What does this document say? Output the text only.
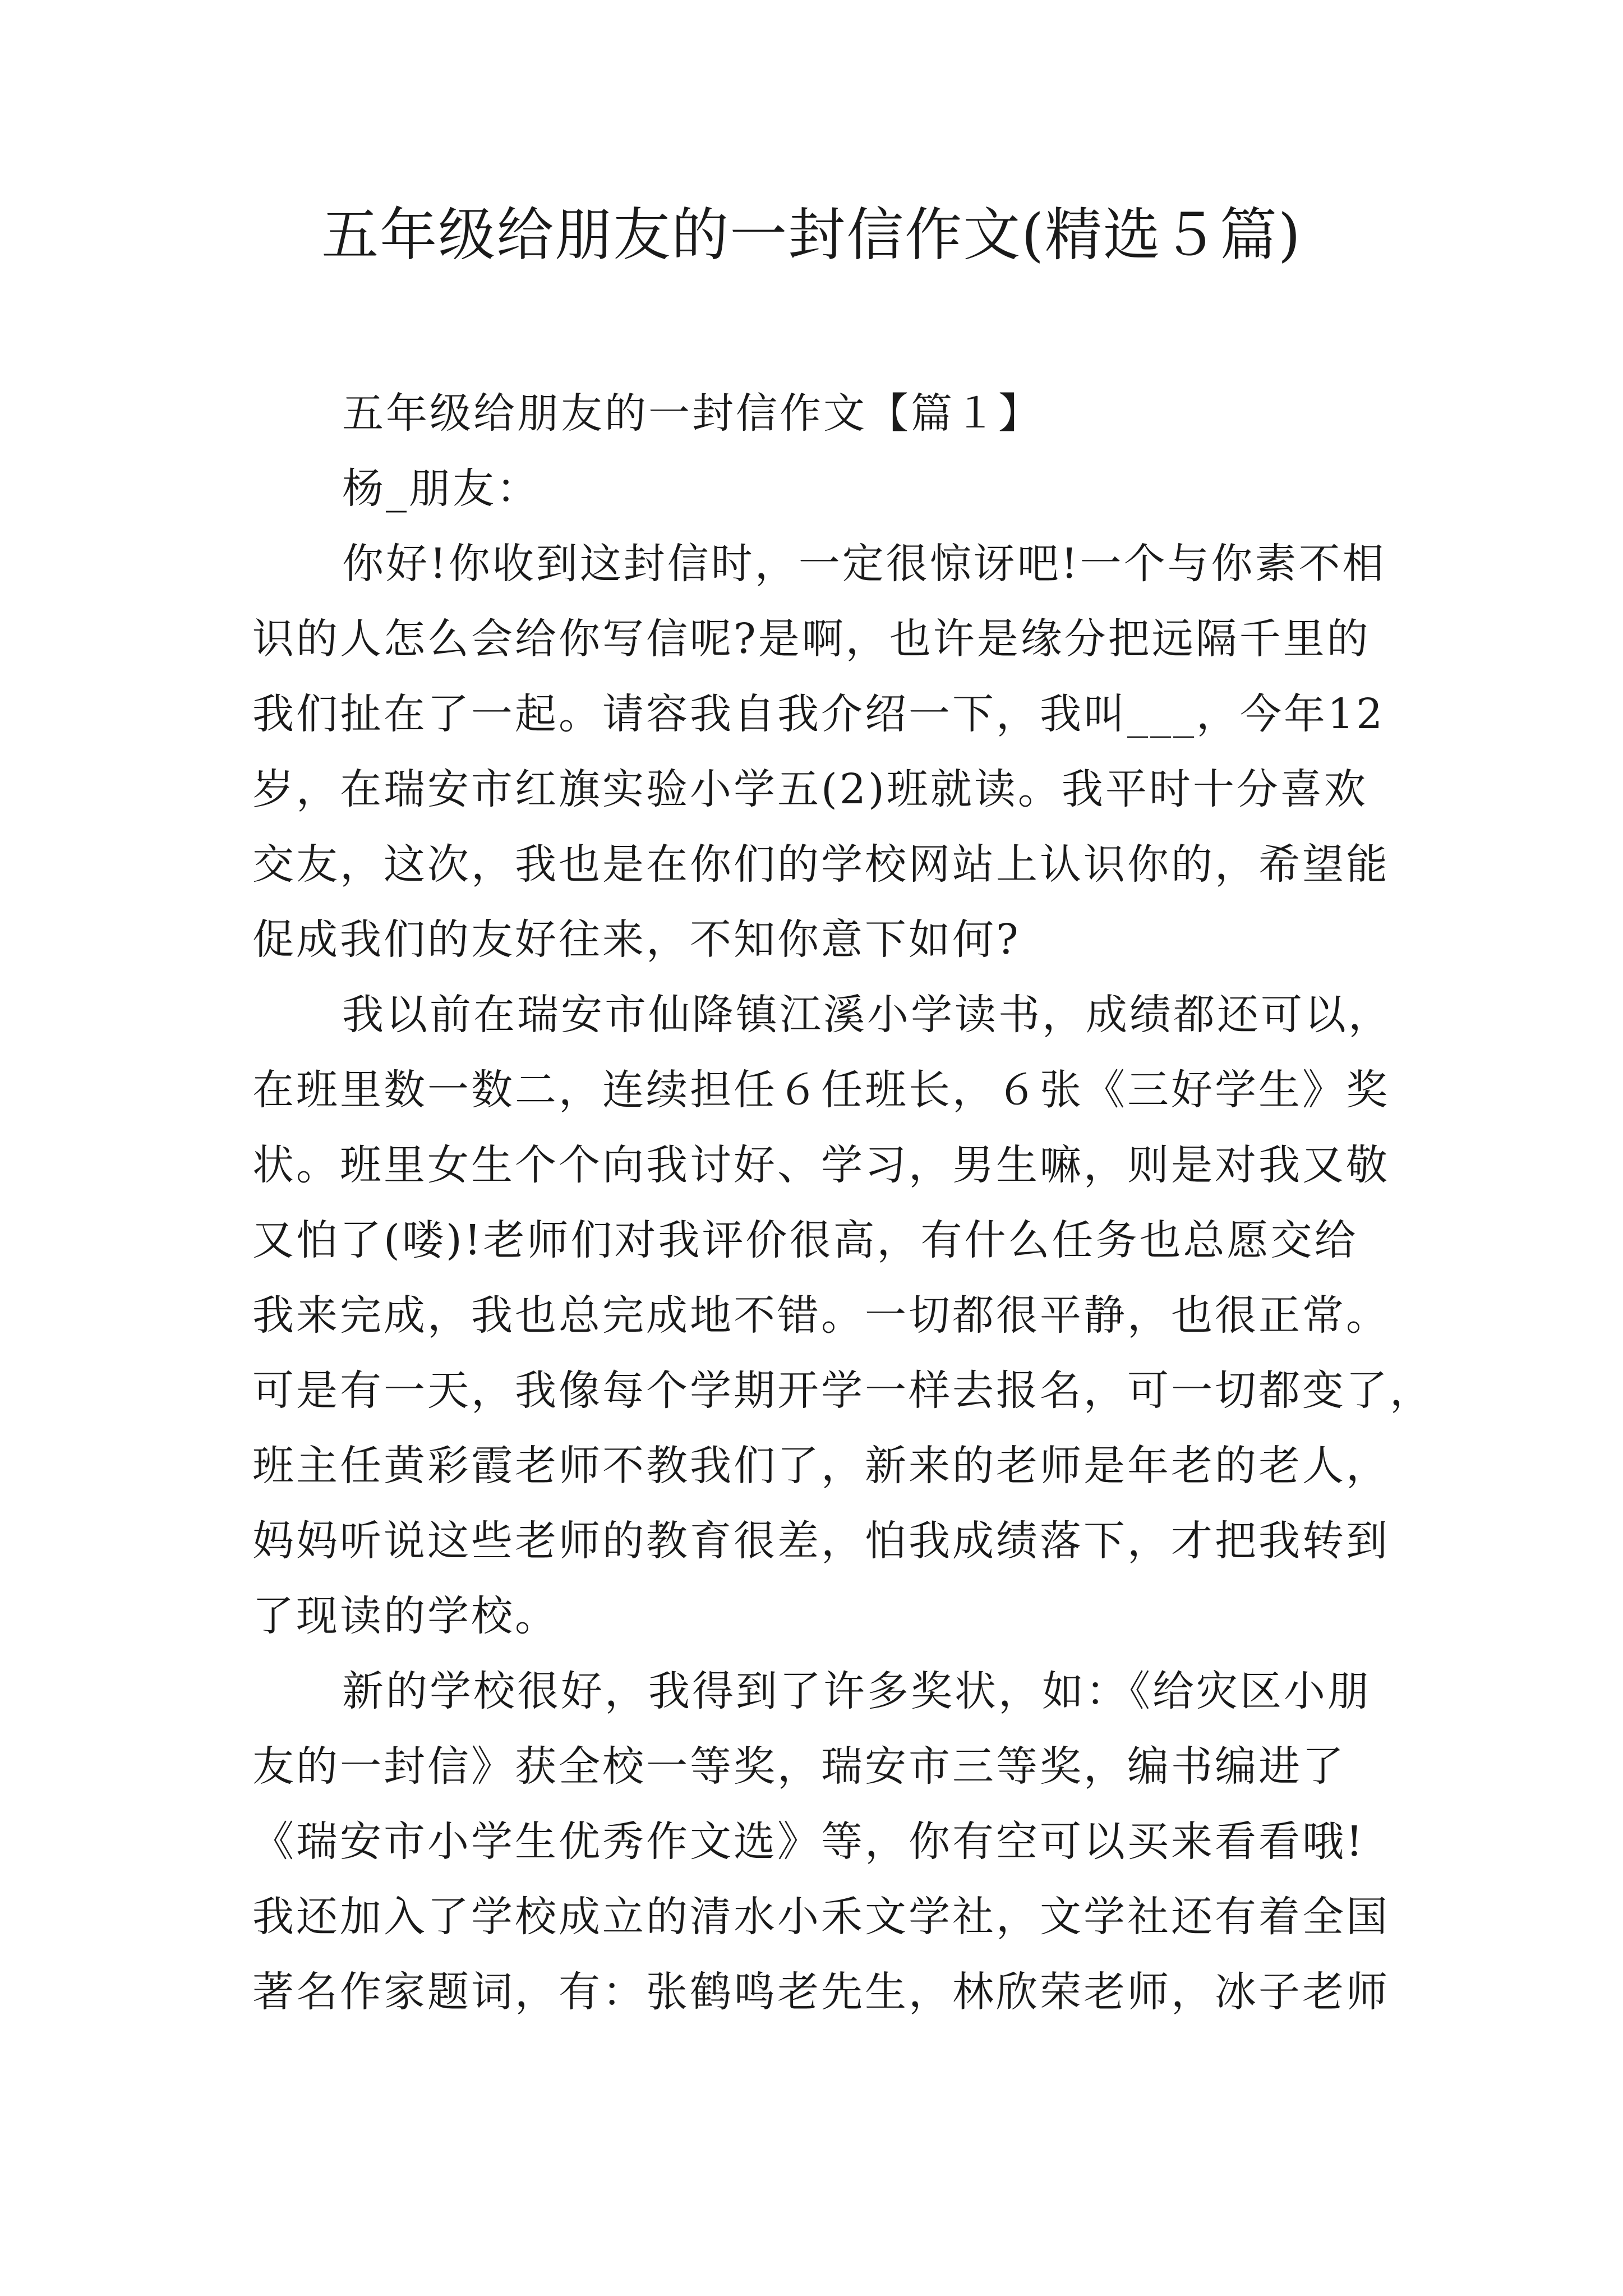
五年级给朋友的一封信作文(精选５篇)
五年级给朋友的一封信作文【篇１】
杨_朋友：
你好!你收到这封信时，一定很惊讶吧!一个与你素不相
识的人怎么会给你写信呢?是啊，也许是缘分把远隔千里的
我们扯在了一起。请容我自我介绍一下，我叫___，今年12
岁，在瑞安市红旗实验小学五(2)班就读。我平时十分喜欢
交友，这次，我也是在你们的学校网站上认识你的，希望能
促成我们的友好往来，不知你意下如何?
我以前在瑞安市仙降镇江溪小学读书，成绩都还可以，
在班里数一数二，连续担任６任班长，６张《三好学生》奖
状。班里女生个个向我讨好、学习，男生嘛，则是对我又敬
又怕了(喽)!老师们对我评价很高，有什么任务也总愿交给
我来完成，我也总完成地不错。一切都很平静，也很正常。
可是有一天，我像每个学期开学一样去报名，可一切都变了，
班主任黄彩霞老师不教我们了，新来的老师是年老的老人，
妈妈听说这些老师的教育很差，怕我成绩落下，才把我转到
了现读的学校。
新的学校很好，我得到了许多奖状，如：《给灾区小朋
友的一封信》获全校一等奖，瑞安市三等奖，编书编进了
《瑞安市小学生优秀作文选》等，你有空可以买来看看哦!
我还加入了学校成立的清水小禾文学社，文学社还有着全国
著名作家题词，有：张鹤鸣老先生，林欣荣老师，冰子老师
